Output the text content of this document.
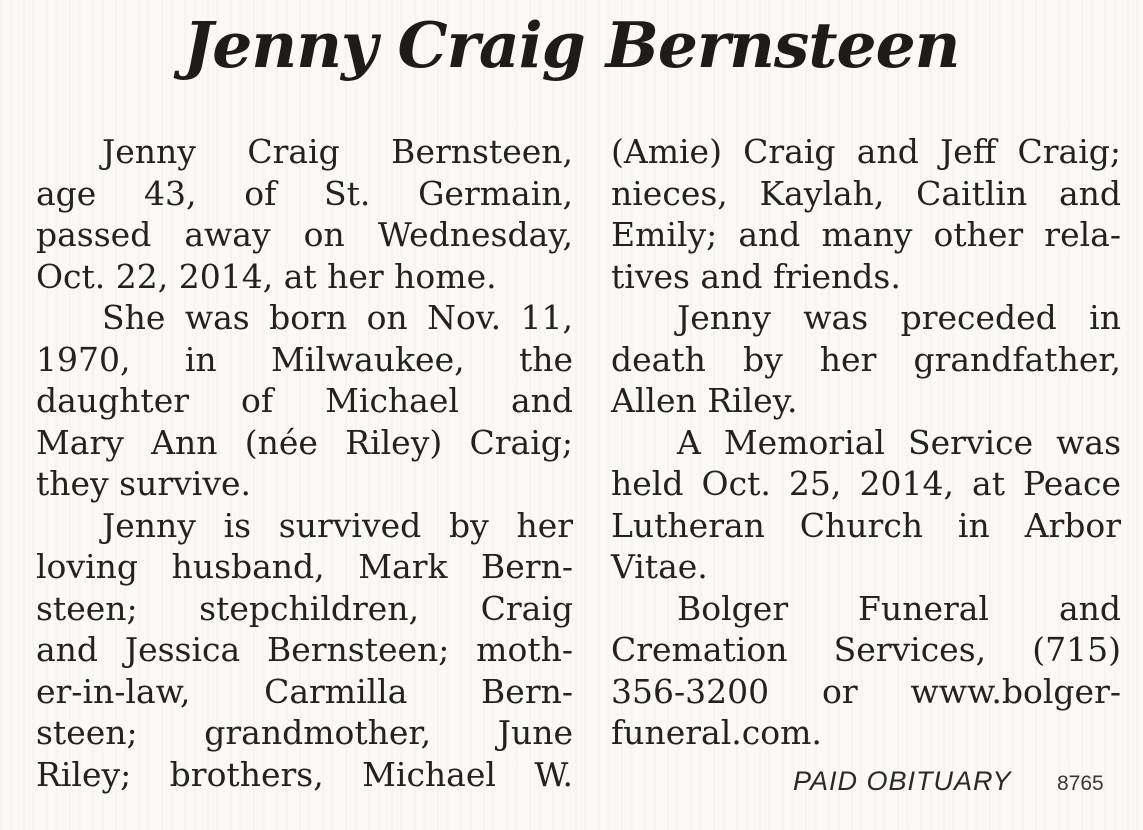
Jenny Craig Bernsteen
Jenny Craig Bernsteen,
age 43, of St. Germain,
passed away on Wednesday,
Oct. 22, 2014, at her home.
She was born on Nov. 11,
1970, in Milwaukee, the
daughter of Michael and
Mary Ann (née Riley) Craig;
they survive.
Jenny is survived by her
loving husband, Mark Bern-
steen; stepchildren, Craig
and Jessica Bernsteen; moth-
er-in-law, Carmilla Bern-
steen; grandmother, June
Riley; brothers, Michael W.
(Amie) Craig and Jeff Craig;
nieces, Kaylah, Caitlin and
Emily; and many other rela-
tives and friends.
Jenny was preceded in
death by her grandfather,
Allen Riley.
A Memorial Service was
held Oct. 25, 2014, at Peace
Lutheran Church in Arbor
Vitae.
Bolger Funeral and
Cremation Services, (715)
356-3200 or www.bolger-
funeral.com.
PAID OBITUARY 8765
